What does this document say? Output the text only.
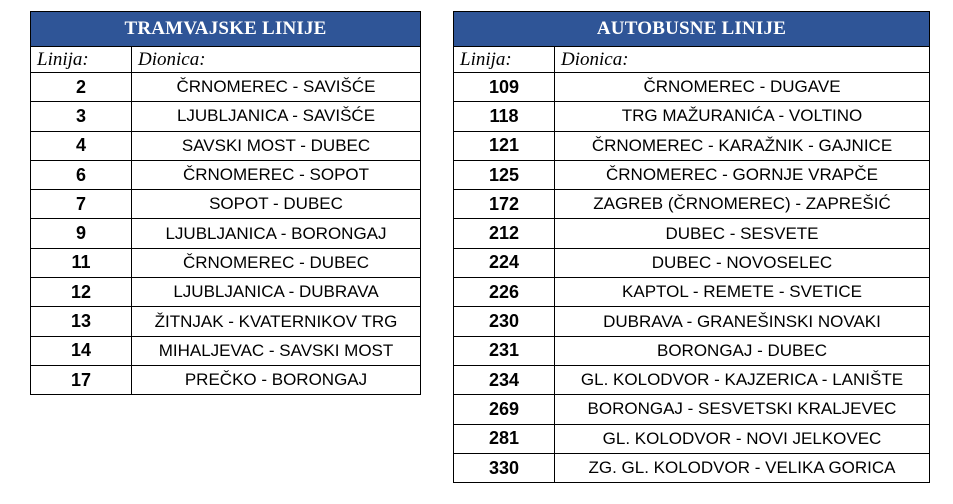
TRAMVAJSKE LINIJE	
Linija:	Dionica:
2	ČRNOMEREC - SAVIŠĆE
3	LJUBLJANICA - SAVIŠĆE
4	SAVSKI MOST - DUBEC
6	ČRNOMEREC - SOPOT
7	SOPOT - DUBEC
9	LJUBLJANICA - BORONGAJ
11	ČRNOMEREC - DUBEC
12	LJUBLJANICA - DUBRAVA
13	ŽITNJAK - KVATERNIKOV TRG
14	MIHALJEVAC - SAVSKI MOST
17	PREČKO - BORONGAJ
AUTOBUSNE LINIJE	
Linija:	Dionica:
109	ČRNOMEREC - DUGAVE
118	TRG MAŽURANIĆA - VOLTINO
121	ČRNOMEREC - KARAŽNIK - GAJNICE
125	ČRNOMEREC - GORNJE VRAPČE
172	ZAGREB (ČRNOMEREC) - ZAPREŠIĆ
212	DUBEC - SESVETE
224	DUBEC - NOVOSELEC
226	KAPTOL - REMETE - SVETICE
230	DUBRAVA - GRANEŠINSKI NOVAKI
231	BORONGAJ - DUBEC
234	GL. KOLODVOR - KAJZERICA - LANIŠTE
269	BORONGAJ - SESVETSKI KRALJEVEC
281	GL. KOLODVOR - NOVI JELKOVEC
330	ZG. GL. KOLODVOR - VELIKA GORICA
